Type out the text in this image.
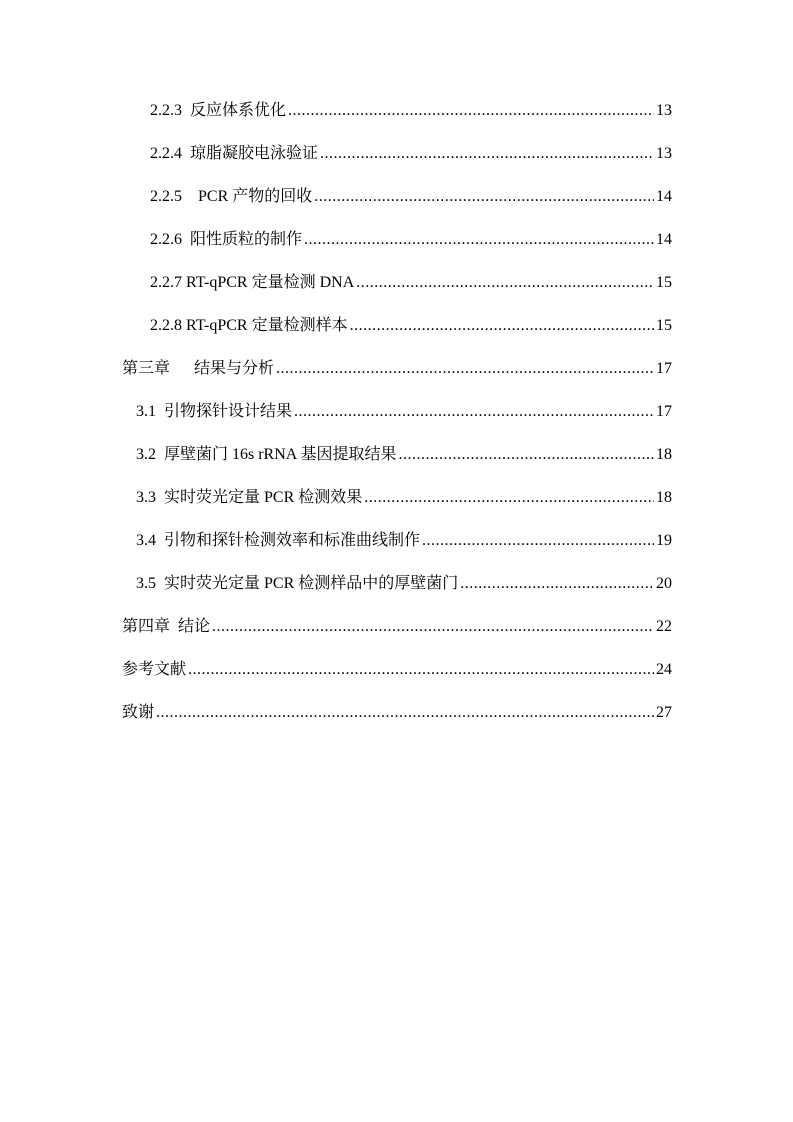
2.2.3  反应体系优化 .....	13
2.2.4  琼脂凝胶电泳验证 .....	13
2.2.5    PCR 产物的回收 .....	14
2.2.6  阳性质粒的制作 .....	14
2.2.7 RT-qPCR 定量检测 DNA .....	15
2.2.8 RT-qPCR 定量检测样本 .....	15
第三章      结果与分析 .....	17
3.1  引物探针设计结果 .....	17
3.2  厚壁菌门 16s rRNA 基因提取结果 .....	18
3.3  实时荧光定量 PCR 检测效果 .....	18
3.4  引物和探针检测效率和标准曲线制作 .....	19
3.5  实时荧光定量 PCR 检测样品中的厚壁菌门 .....	20
第四章  结论 .....	22
参考文献 .....	24
致谢 .....	27
